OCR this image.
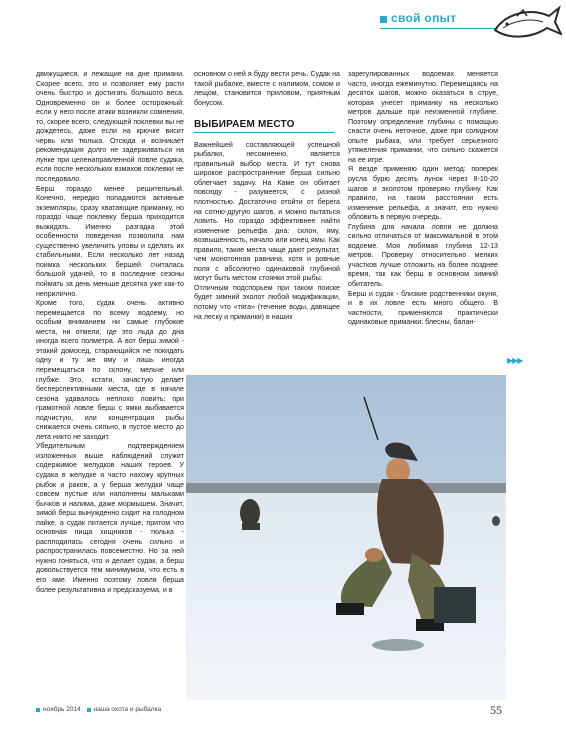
свой опыт

движущиеся, и лежащие на дне примани. Скорее всего, это и позволяет ему расти очень быстро и достигать большого веса. Одновременно он и более осторожный: если у него после атаки возникли сомнения, то, скорее всего, следующей поклевки вы не дождетесь, даже если на крючке висит червь или тюлька. Отсюда и возникает рекомендация долго не задерживаться на лунке при целенаправленной ловле судака, если после нескольких взмахов поклевки не последовало.

Берш гораздо менее решительный. Конечно, нередко попадаются активные экземпляры, сразу хватающие приманку, но гораздо чаще поклевку берша приходится выжидать. Именно разгадка этой особенности поведения позволила нам существенно увеличить уловы и сделать их стабильными. Если несколько лет назад поимка нескольких бершей считалась большой удачей, то в последние сезоны поймать за день меньше десятка уже как-то неприлично.

Кроме того, судак очень активно перемещается по всему водоему, но особым вниманием ни самые глубокие места, ни отмели, где это льда до дна иногда всего полметра. А вот берш зимой - этакий домосед, старающийся не покидать одну и ту же яму и лишь иногда перемещаться по склону, мельче или глубже. Это, кстати, зачастую делает бесперспективными места, где в начале сезона удавалось неплохо ловить: при грамотной ловле берш с ямки выбивается подчистую, или концентрация рыбы снижается очень сильно, в пустое место до лета никто не заходит.

Убедительным подтверждением изложенных выше наблюдений служит содержимое желудков наших героев. У судака в желудке я часто нахожу крупных рыбок и раков, а у берша желудки чаще совсем пустые или наполнены мальками бычков и налима, даже мормышем. Значит, зимой берш вынужденно сидит на голодном пайке, а судак питается лучше, притом что основная пища хищников - тюлька - расплодилась сегодня очень сильно и распространилась повсеместно. Но за ней нужно гоняться, что и делает судак, а берш довольствуется тем минимумом, что есть в его яме. Именно поэтому ловля берша более результативна и предсказуема, и в

основном о ней я буду вести речь. Судак на такой рыбалке, вместе с налимом, сомом и лещом, становится приловом, приятным бонусом.

ВЫБИРАЕМ МЕСТО

Важнейшей составляющей успешной рыбалки, несомненно, является правильный выбор места. И тут снова широкое распространение берша сильно облегчает задачу. На Каме он обитает повсюду - разумеется, с разной плотностью. Достаточно отойти от берега на сотню-другую шагов, и можно пытаться ловить. Но гораздо эффективнее найти изменение рельефа дна: склон, яму, возвышенность, начало или конец ямы. Как правило, такие места чаще дают результат, чем монотонная равнина, хотя и ровные поля с абсолютно одинаковой глубиной могут быть местом стоянки этой рыбы.

Отличным подспорьем при таком поиске будет зимний эхолот любой модификации, потому что «тяга» (течение воды, давящее на леску и приманки) в наших

зарегулированных водоемах меняется часто, иногда ежеминутно. Перемещаясь на десяток шагов, можно оказаться в струе, которая унесет приманку на несколько метров дальше при неизменной глубине. Поэтому определение глубины с помощью снасти очень неточное, даже при солидном опыте рыбака, или требует серьезного утяжеления приманки, что сильно скажется на ее игре.

Я везде применяю один метод: поперек русла бурю десять лунок через 8-10-20 шагов и эхолотом проверяю глубину. Как правило, на таком расстоянии есть изменение рельефа, а значит, его нужно обловить в первую очередь.

Глубина для начала ловли не должна сильно отличаться от максимальной в этом водоеме. Моя любимая глубина 12-13 метров. Проверку относительно мелких участков лучше отложить на более позднее время, так как берш в основном зимний обитатель.

Берш и судак - близкие родственники окуня, и в их ловле есть много общего. В частности, применяются практически одинаковые приманки: блесны, балан-

▶▶▶
ноябрь 2014 наша охота и рыбалка	55
